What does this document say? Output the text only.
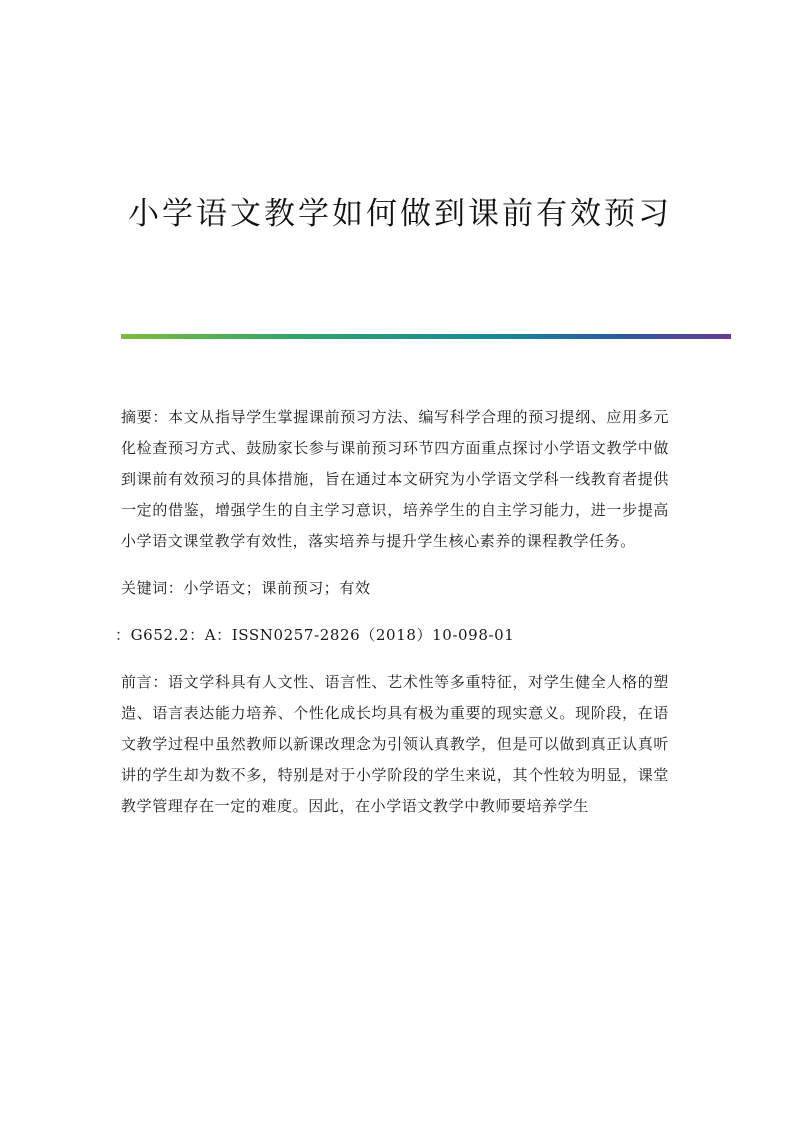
小学语文教学如何做到课前有效预习

摘要：本文从指导学生掌握课前预习方法、编写科学合理的预习提纲、应用多元化检查预习方式、鼓励家长参与课前预习环节四方面重点探讨小学语文教学中做到课前有效预习的具体措施，旨在通过本文研究为小学语文学科一线教育者提供一定的借鉴，增强学生的自主学习意识，培养学生的自主学习能力，进一步提高小学语文课堂教学有效性，落实培养与提升学生核心素养的课程教学任务。

关键词：小学语文；课前预习；有效

：G652.2：A：ISSN0257-2826（2018）10-098-01

前言：语文学科具有人文性、语言性、艺术性等多重特征，对学生健全人格的塑造、语言表达能力培养、个性化成长均具有极为重要的现实意义。现阶段，在语文教学过程中虽然教师以新课改理念为引领认真教学，但是可以做到真正认真听讲的学生却为数不多，特别是对于小学阶段的学生来说，其个性较为明显，课堂教学管理存在一定的难度。因此，在小学语文教学中教师要培养学生
